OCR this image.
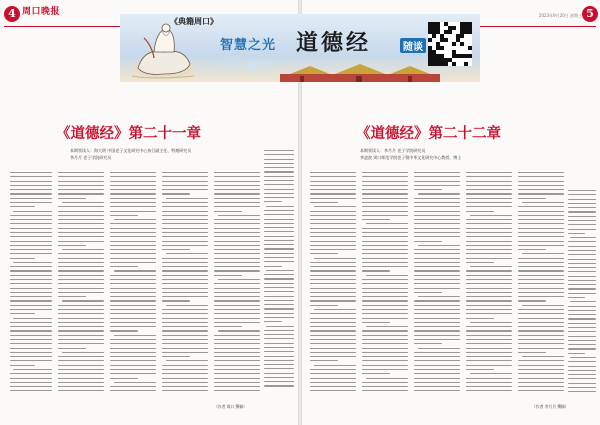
4 周口晚报
《道德经》第二十一章
本期领读人：海大明 中国老子文化研究中心执行副主任、特邀研究员
李月月 老子学院研究员
（作者 周口 撰稿）
5
2023年9月20日 星期三
《道德经》第二十二章
本期领读人：李月月 老子学院研究员
李凌波 周口师范学院老子暨中华文化研究中心教授、博士
（作者 李月月 撰稿）
《典籍周口》
智慧之光 道德经	随谈
光之慧智
